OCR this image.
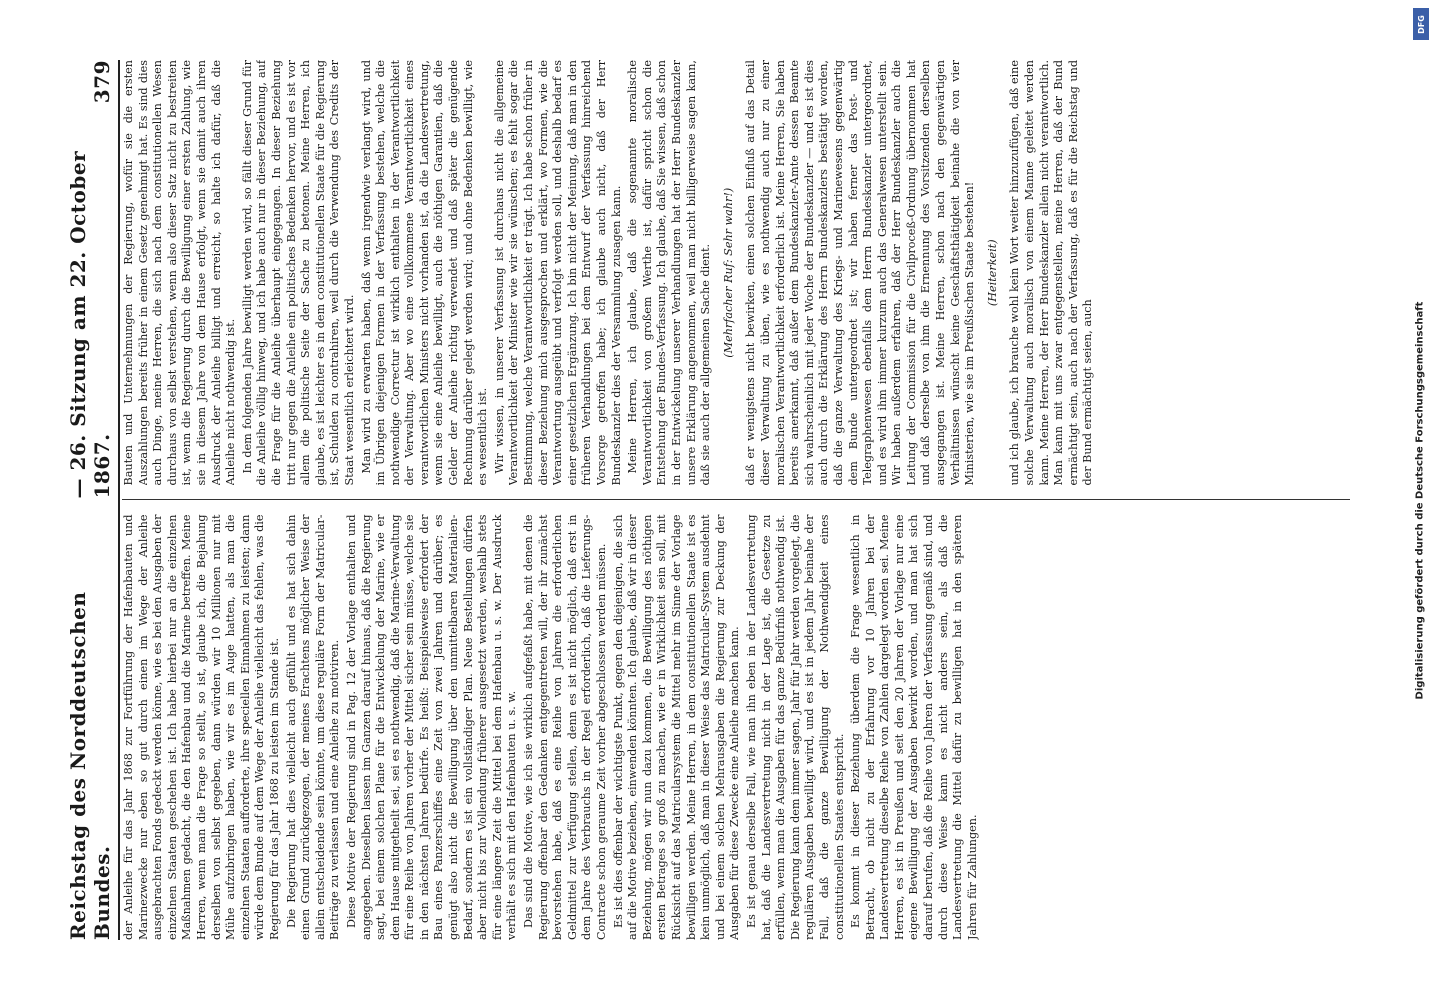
Reichstag des Norddeutschen Bundes.
— 26. Sitzung am 22. October 1867.
379

der Anleihe für das Jahr 1868 zur Fortführung der Hafenbauten und Marinezwecke nur eben so gut durch einen im Wege der Anleihe ausgebrachten Fonds gedeckt werden könne, wie es bei den Ausgaben der einzelnen Staaten geschehen ist. Ich habe hierbei nur an die einzelnen Maßnahmen gedacht, die den Hafenbau und die Marine betreffen. Meine Herren, wenn man die Frage so stellt, so ist, glaube ich, die Bejahung derselben von selbst gegeben, dann würden wir 10 Millionen nur mit Mühe aufzubringen haben, wie wir es im Auge hatten, als man die einzelnen Staaten aufforderte, ihre speciellen Einnahmen zu leisten; dann würde dem Bunde auf dem Wege der Anleihe vielleicht das fehlen, was die Regierung für das Jahr 1868 zu leisten im Stande ist. Die Regierung hat dies vielleicht auch gefühlt und es hat sich dahin einen Grund zurückgezogen, der meines Erachtens möglicher Weise der allein entscheidende sein könnte, um diese reguläre Form der Matricular-Beiträge zu verlassen und eine Anleihe zu motiviren. Diese Motive der Regierung sind in Pag. 12 der Vorlage enthalten und angegeben. Dieselben lassen im Ganzen darauf hinaus, daß die Regierung sagt, bei einem solchen Plane für die Entwickelung der Marine, wie er dem Hause mitgetheilt sei, sei es nothwendig, daß die Marine-Verwaltung für eine Reihe von Jahren vorher der Mittel sicher sein müsse, welche sie in den nächsten Jahren bedürfe. Es heißt: Beispielsweise erfordert der Bau eines Panzerschiffes eine Zeit von zwei Jahren und darüber; es genügt also nicht die Bewilligung über den unmittelbaren Materialien-Bedarf, sondern es ist ein vollständiger Plan. Neue Bestellungen dürfen aber nicht bis zur Vollendung früherer ausgesetzt werden, weshalb stets für eine längere Zeit die Mittel bei dem Hafenbau u. s. w. Der Ausdruck verhält es sich mit den Hafenbauten u. s. w. Das sind die Motive, wie ich sie wirklich aufgefaßt habe, mit denen die Regierung offenbar den Gedanken entgegentreten will, der ihr zunächst bevorstehen habe, daß es eine Reihe von Jahren die erforderlichen Geldmittel zur Verfügung stellen, denn es ist nicht möglich, daß erst in dem Jahre des Verbrauchs in der Regel erforderlich, daß die Lieferungs-Contracte schon geraume Zeit vorher abgeschlossen werden müssen. Es ist dies offenbar der wichtigste Punkt, gegen den diejenigen, die sich auf die Motive beziehen, einwenden könnten. Ich glaube, daß wir in dieser Beziehung, mögen wir nun dazu kommen, die Bewilligung des nöthigen ersten Betrages so groß zu machen, wie er in Wirklichkeit sein soll, mit Rücksicht auf das Matricularsystem die Mittel mehr im Sinne der Vorlage bewilligen werden. Meine Herren, in dem constitutionellen Staate ist es kein unmöglich, daß man in dieser Weise das Matricular-System ausdehnt und bei einem solchen Mehrausgaben die Regierung zur Deckung der Ausgaben für diese Zwecke eine Anleihe machen kann. Es ist genau derselbe Fall, wie man ihn eben in der Landesvertretung hat, daß die Landesvertretung nicht in der Lage ist, die Gesetze zu erfüllen, wenn man die Ausgaben für das ganze Bedürfniß nothwendig ist. Die Regierung kann dem immer sagen, Jahr für Jahr werden vorgelegt, die regulären Ausgaben bewilligt wird, und es ist in jedem Jahr beinahe der Fall, daß die ganze Bewilligung der Nothwendigkeit eines constitutionellen Staates entspricht. Es kommt in dieser Beziehung überdem die Frage wesentlich in Betracht, ob nicht zu der Erfahrung vor 10 Jahren bei der Landesvertretung dieselbe Reihe von Zahlen dargelegt worden sei. Meine Herren, es ist in Preußen und seit den 20 Jahren der Vorlage nur eine eigene Bewilligung der Ausgaben bewirkt worden, und man hat sich darauf berufen, daß die Reihe von Jahren der Verfassung gemäß sind, und durch diese Weise kann es nicht anders sein, als daß die Landesvertretung die Mittel dafür zu bewilligen hat in den späteren Jahren für Zahlungen.

Bauten und Unternehmungen der Regierung, wofür sie die ersten Auszahlungen bereits früher in einem Gesetz genehmigt hat. Es sind dies auch Dinge, meine Herren, die sich nach dem constitutionellen Wesen durchaus von selbst verstehen, wenn also dieser Satz nicht zu bestreiten ist, wenn die Regierung durch die Bewilligung einer ersten Zahlung, wie sie in diesem Jahre von dem Hause erfolgt, wenn sie damit auch ihren Ausdruck der Anleihe billigt und erreicht, so halte ich dafür, daß die Anleihe nicht nothwendig ist. In dem folgenden Jahre bewilligt werden wird, so fällt dieser Grund für die Anleihe völlig hinweg, und ich habe auch nur in dieser Beziehung, auf die Frage für die Anleihe überhaupt eingegangen. In dieser Beziehung tritt nur gegen die Anleihe ein politisches Bedenken hervor, und es ist vor allem die politische Seite der Sache zu betonen. Meine Herren, ich glaube, es ist leichter es in dem constitutionellen Staate für die Regierung ist, Schulden zu contrahiren, weil durch die Verwendung des Credits der Staat wesentlich erleichtert wird. Man wird zu erwarten haben, daß wenn irgendwie verlangt wird, und im Übrigen diejenigen Formen in der Verfassung bestehen, welche die nothwendige Correctur ist wirklich enthalten in der Verantwortlichkeit der Verwaltung. Aber wo eine vollkommene Verantwortlichkeit eines verantwortlichen Ministers nicht vorhanden ist, da die Landesvertretung, wenn sie eine Anleihe bewilligt, auch die nöthigen Garantien, daß die Gelder der Anleihe richtig verwendet und daß später die genügende Rechnung darüber gelegt werden wird; und ohne Bedenken bewilligt, wie es wesentlich ist. Wir wissen, in unserer Verfassung ist durchaus nicht die allgemeine Verantwortlichkeit der Minister wie wir sie wünschen; es fehlt sogar die Bestimmung, welche Verantwortlichkeit er trägt. Ich habe schon früher in dieser Beziehung mich ausgesprochen und erklärt, wo Formen, wie die Verantwortung ausgeübt und verfolgt werden soll, und deshalb bedarf es einer gesetzlichen Ergänzung. Ich bin nicht der Meinung, daß man in den früheren Verhandlungen bei dem Entwurf der Verfassung hinreichend Vorsorge getroffen habe; ich glaube auch nicht, daß der Herr Bundeskanzler dies der Versammlung zusagen kann. Meine Herren, ich glaube, daß die sogenannte moralische Verantwortlichkeit von großem Werthe ist, dafür spricht schon die Entstehung der Bundes-Verfassung. Ich glaube, daß Sie wissen, daß schon in der Entwickelung unserer Verhandlungen hat der Herr Bundeskanzler unsere Erklärung angenommen, weil man nicht billigerweise sagen kann, daß sie auch der allgemeinen Sache dient. (Mehrfacher Ruf: Sehr wahr!) daß er wenigstens nicht bewirken, einen solchen Einfluß auf das Detail dieser Verwaltung zu üben, wie es nothwendig auch nur zu einer moralischen Verantwortlichkeit erforderlich ist. Meine Herren, Sie haben bereits anerkannt, daß außer dem Bundeskanzler-Amte dessen Beamte sich wahrscheinlich mit jeder Woche der Bundeskanzler — und es ist dies auch durch die Erklärung des Herrn Bundeskanzlers bestätigt worden, daß die ganze Verwaltung des Kriegs- und Marinewesens gegenwärtig dem Bunde untergeordnet ist; wir haben ferner das Post- und Telegraphenwesen ebenfalls dem Herrn Bundeskanzler untergeordnet, und es wird ihm immer kurzum auch das Generalwesen unterstellt sein. Wir haben außerdem erfahren, daß der Herr Bundeskanzler auch die Leitung der Commission für die Civilproceß-Ordnung übernommen hat und daß derselbe von ihm die Ernennung des Vorsitzenden derselben ausgegangen ist. Meine Herren, schon nach den gegenwärtigen Verhältnissen wünscht keine Geschäftsthätigkeit beinahe die von vier Ministerien, wie sie im Preußischen Staate bestehen! (Heiterkeit) und ich glaube, ich brauche wohl kein Wort weiter hinzuzufügen, daß eine solche Verwaltung auch moralisch von einem Manne geleitet werden kann. Meine Herren, der Herr Bundeskanzler allein nicht verantwortlich. Man kann mit uns zwar entgegenstellen, meine Herren, daß der Bund ermächtigt sein, auch nach der Verfassung, daß es für die Reichstag und der Bund ermächtigt seien, auch

DFG
Digitalisierung gefördert durch die Deutsche Forschungsgemeinschaft
